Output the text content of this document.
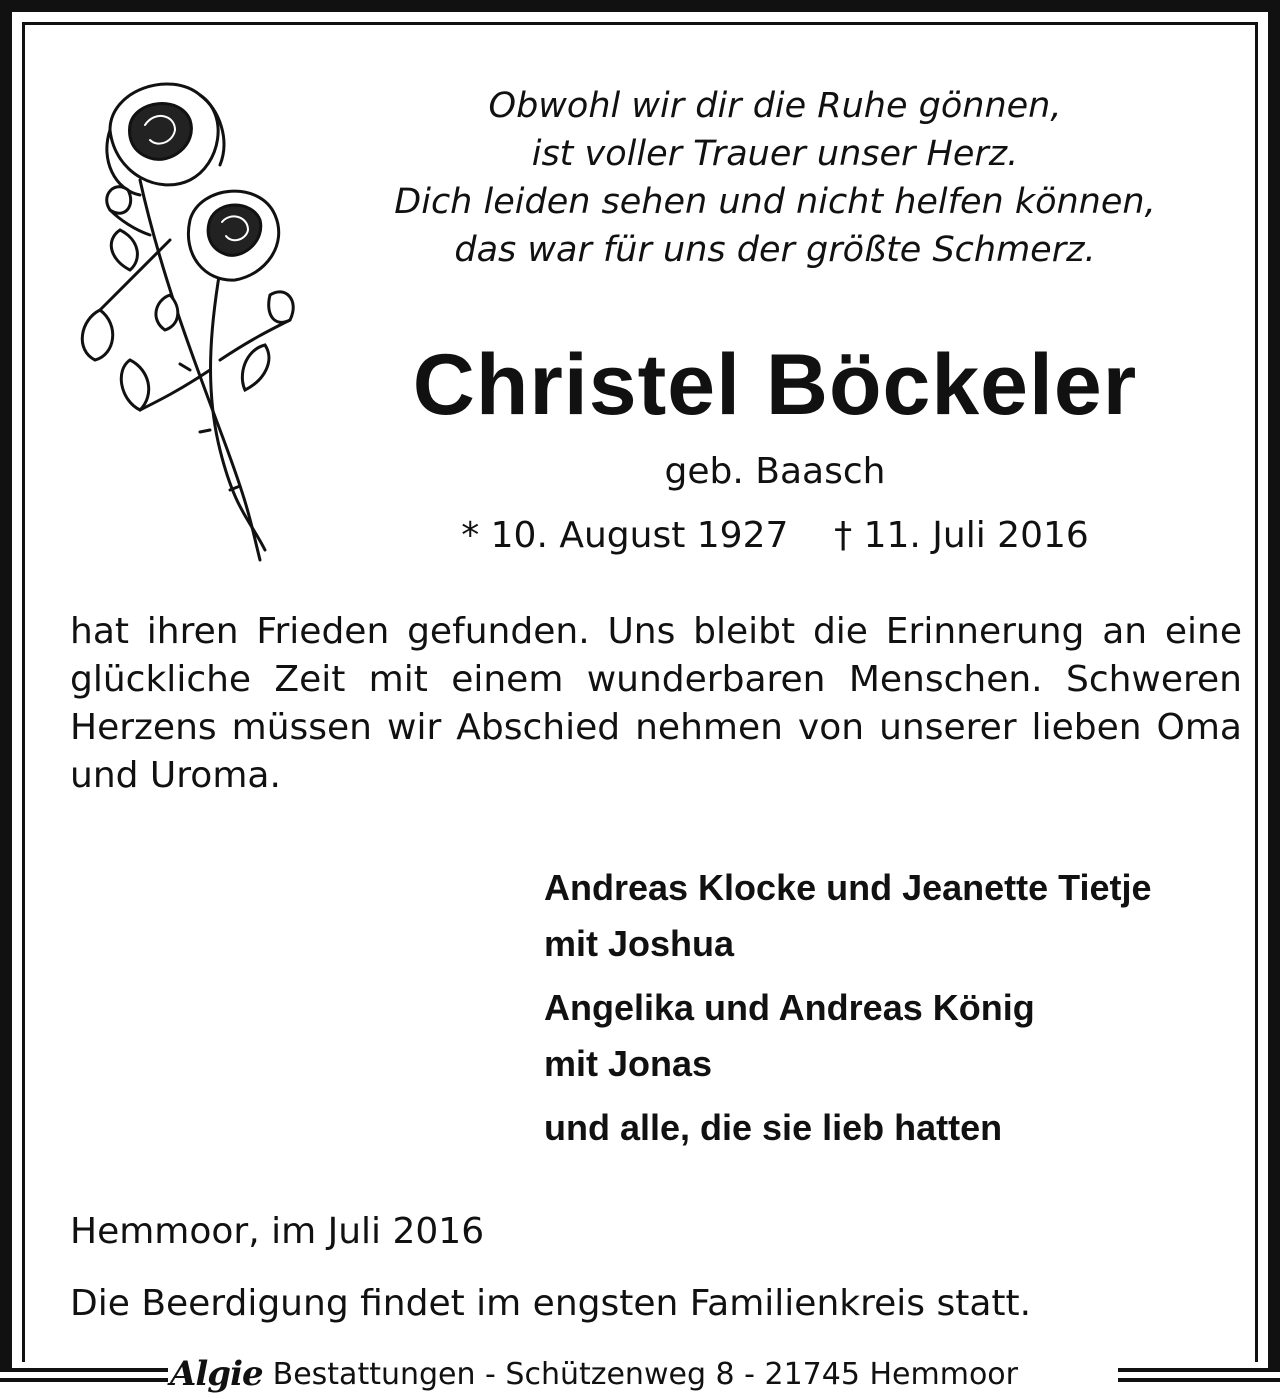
Obwohl wir dir die Ruhe gönnen,
ist voller Trauer unser Herz.
Dich leiden sehen und nicht helfen können,
das war für uns der größte Schmerz.
Christel Böckeler
geb. Baasch
* 10. August 1927    † 11. Juli 2016
hat ihren Frieden gefunden. Uns bleibt die Erinnerung an eine glückliche Zeit mit einem wunderbaren Menschen. Schweren Herzens müssen wir Abschied nehmen von unserer lieben Oma und Uroma.
Andreas Klocke und Jeanette Tietje
mit Joshua
Angelika und Andreas König
mit Jonas
und alle, die sie lieb hatten
Hemmoor, im Juli 2016
Die Beerdigung findet im engsten Familienkreis statt.
Algie Bestattungen - Schützenweg 8 - 21745 Hemmoor
